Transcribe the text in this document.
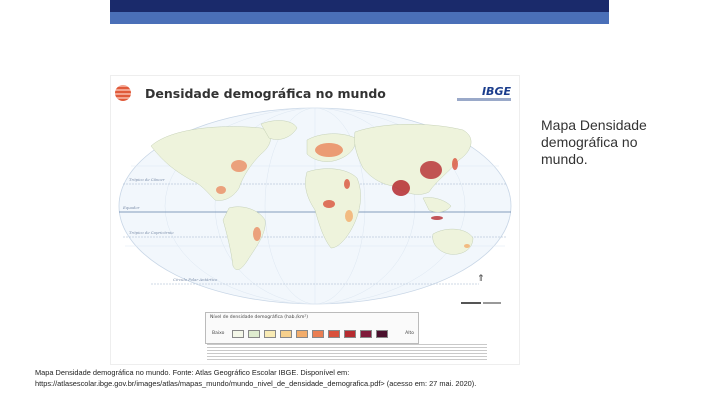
Densidade demográfica no mundo	IBGE
Trópico de Câncer
Equador
Trópico de Capricórnio
Círculo Polar Antártico	⇑
Nível de densidade demográfica (hab./km²)
Baixo	Alto
Mapa Densidade demográfica no mundo.
Mapa Densidade demográfica no mundo. Fonte: Atlas Geográfico Escolar IBGE. Disponível em: https://atlasescolar.ibge.gov.br/images/atlas/mapas_mundo/mundo_nivel_de_densidade_demografica.pdf> (acesso em: 27 mai. 2020).
